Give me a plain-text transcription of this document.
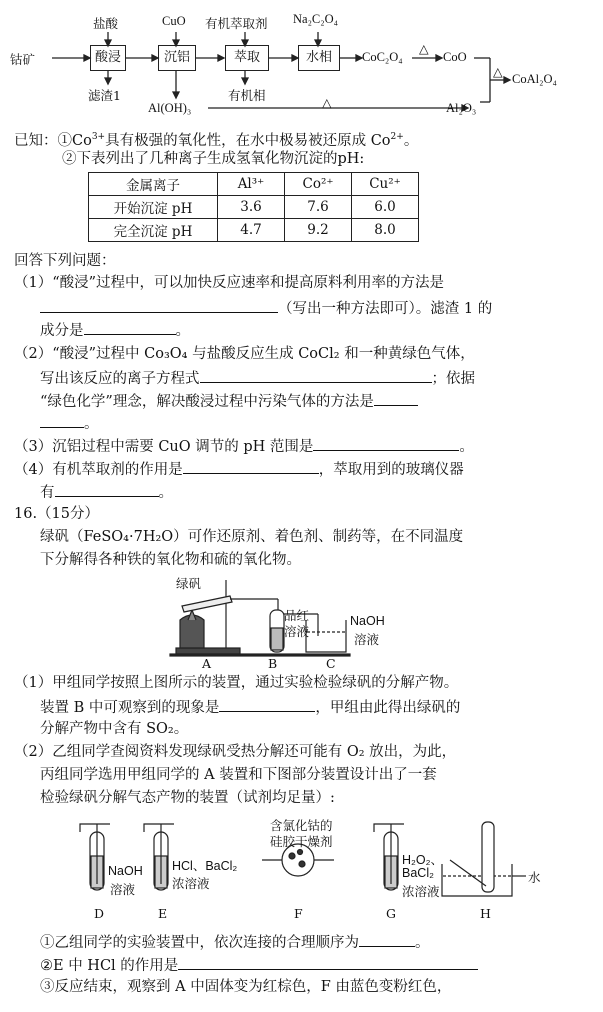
钴矿	酸浸	沉铝	萃取	水相
盐酸	CuO 有机萃取剂 Na₂C₂O₄
滤渣1	有机相
Al(OH)₃	△
CoC₂O₄
△
CoO
△ CoAl₂O₄
Al₂O₃
已知：$①Co^{3+}$具有极强的氧化性，在水中极易被还原成 $Co^{2+}$。
②下表列出了几种离子生成氢氧化物沉淀的pH:
金属离子	Al³⁺	Co²⁺	Cu²⁺
开始沉淀 pH	3.6	7.6	6.0
完全沉淀 pH	4.7	9.2	8.0
回答下列问题：
（1）“酸浸”过程中，可以加快反应速率和提高原料利用率的方法是
（写出一种方法即可）。滤渣 1 的
成分是	。
（2）“酸浸”过程中 Co₃O₄ 与盐酸反应生成 CoCl₂ 和一种黄绿色气体，
写出该反应的离子方程式	；依据
“绿色化学”理念，解决酸浸过程中污染气体的方法是
。
（3）沉铝过程中需要 CuO 调节的 pH 范围是	。
（4）有机萃取剂的作用是	，萃取用到的玻璃仪器
有	。
16.（15分）
绿矾（FeSO₄·7H₂O）可作还原剂、着色剂、制药等，在不同温度
下分解得各种铁的氧化物和硫的氧化物。
绿矾
品红
溶液
NaOH
溶液
A	B	C
（1）甲组同学按照上图所示的装置，通过实验检验绿矾的分解产物。
装置 B 中可观察到的现象是	，甲组由此得出绿矾的
分解产物中含有 SO₂。
（2）乙组同学查阅资料发现绿矾受热分解还可能有 O₂ 放出，为此，
丙组同学选用甲组同学的 A 装置和下图部分装置设计出了一套
检验绿矾分解气态产物的装置（试剂均足量）:
含氯化钴的
硅胶干燥剂
NaOH
溶液
HCl、BaCl₂
浓溶液
H₂O₂、
BaCl₂
浓溶液
水
D	E	F	G	H
①乙组同学的实验装置中，依次连接的合理顺序为	。
②E 中 HCl 的作用是
③反应结束，观察到 A 中固体变为红棕色，F 由蓝色变粉红色，
